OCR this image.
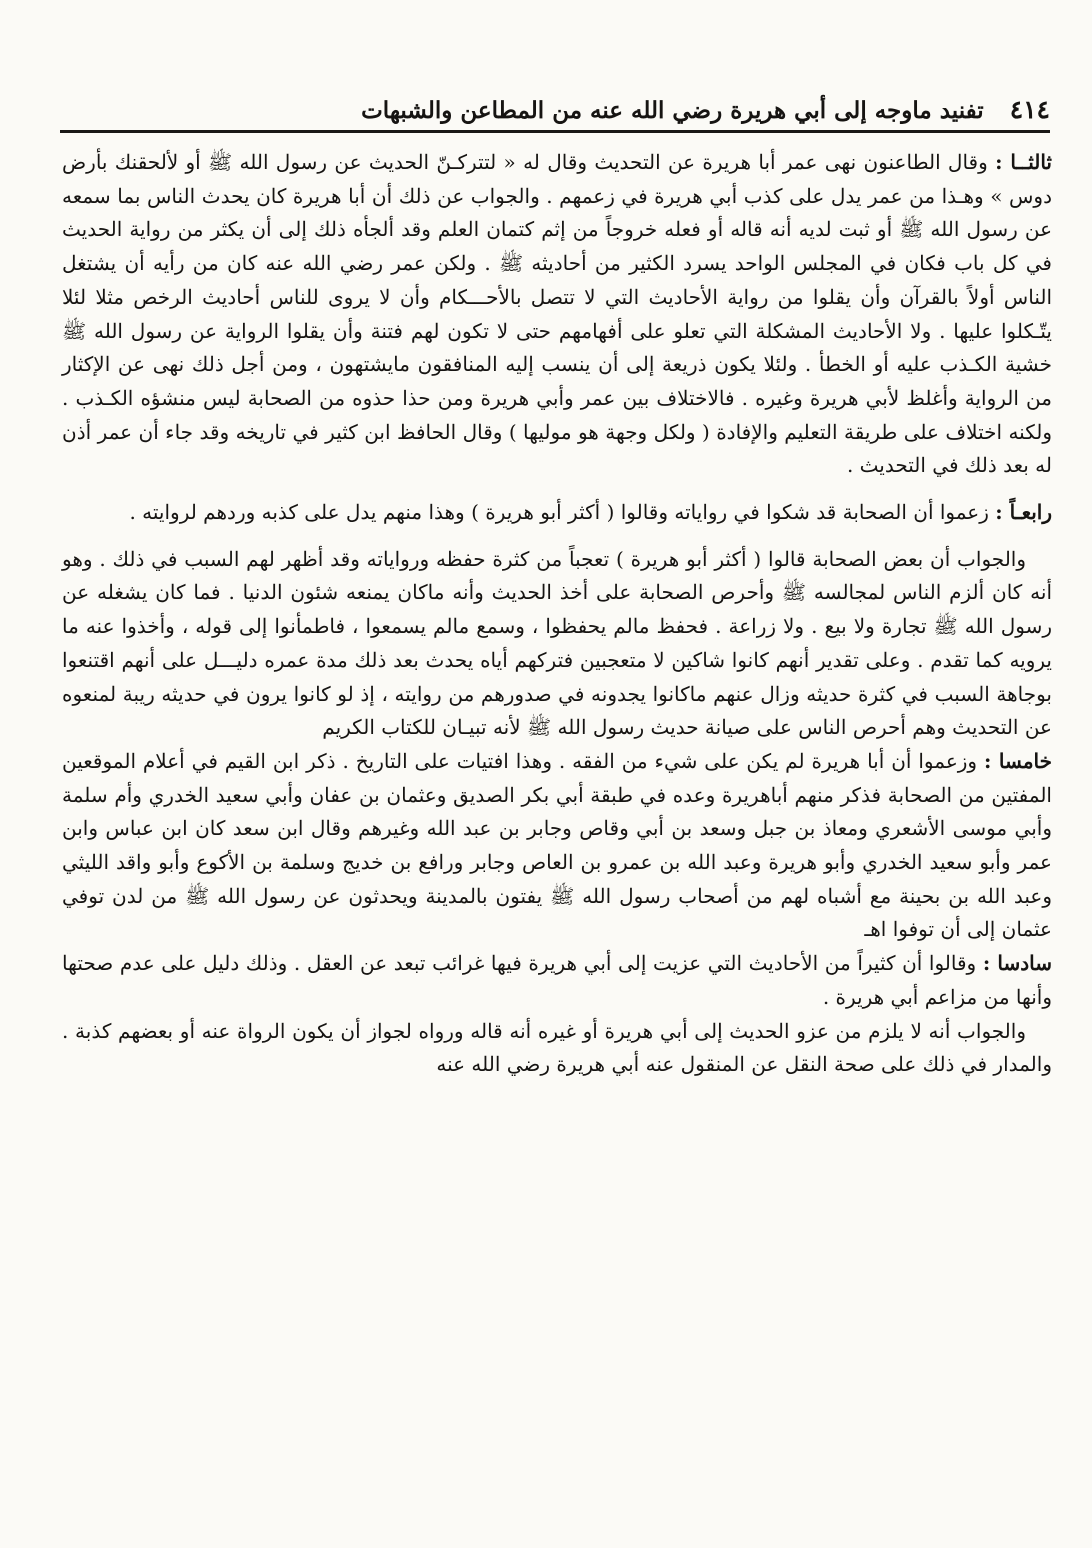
٤١٤
تفنيد ماوجه إلى أبي هريرة رضي الله عنه من المطاعن والشبهات

ثالثــا : وقال الطاعنون نهى عمر أبا هريرة عن التحديث وقال له « لتتركـنّ الحديث عن رسول الله ﷺ أو لألحقنك بأرض دوس » وهـذا من عمر يدل على كذب أبي هريرة في زعمهم . والجواب عن ذلك أن أبا هريرة كان يحدث الناس بما سمعه عن رسول الله ﷺ أو ثبت لديه أنه قاله أو فعله خروجاً من إثم كتمان العلم وقد ألجأه ذلك إلى أن يكثر من رواية الحديث في كل باب فكان في المجلس الواحد يسرد الكثير من أحاديثه ﷺ . ولكن عمر رضي الله عنه كان من رأيه أن يشتغل الناس أولاً بالقرآن وأن يقلوا من رواية الأحاديث التي لا تتصل بالأحـــكام وأن لا يروى للناس أحاديث الرخص مثلا لئلا يتّـكلوا عليها . ولا الأحاديث المشكلة التي تعلو على أفهامهم حتى لا تكون لهم فتنة وأن يقلوا الرواية عن رسول الله ﷺ خشية الكـذب عليه أو الخطأ . ولئلا يكون ذريعة إلى أن ينسب إليه المنافقون مايشتهون ، ومن أجل ذلك نهى عن الإكثار من الرواية وأغلظ لأبي هريرة وغيره . فالاختلاف بين عمر وأبي هريرة ومن حذا حذوه من الصحابة ليس منشؤه الكـذب . ولكنه اختلاف على طريقة التعليم والإفادة ( ولكل وجهة هو موليها ) وقال الحافظ ابن كثير في تاريخه وقد جاء أن عمر أذن له بعد ذلك في التحديث .

رابعـاً : زعموا أن الصحابة قد شكوا في رواياته وقالوا ( أكثر أبو هريرة ) وهذا منهم يدل على كذبه وردهم لروايته .

والجواب أن بعض الصحابة قالوا ( أكثر أبو هريرة ) تعجباً من كثرة حفظه ورواياته وقد أظهر لهم السبب في ذلك . وهو أنه كان ألزم الناس لمجالسه ﷺ وأحرص الصحابة على أخذ الحديث وأنه ماكان يمنعه شئون الدنيا . فما كان يشغله عن رسول الله ﷺ تجارة ولا بيع . ولا زراعة . فحفظ مالم يحفظوا ، وسمع مالم يسمعوا ، فاطمأنوا إلى قوله ، وأخذوا عنه ما يرويه كما تقدم . وعلى تقدير أنهم كانوا شاكين لا متعجبين فتركهم أياه يحدث بعد ذلك مدة عمره دليـــل على أنهم اقتنعوا بوجاهة السبب في كثرة حديثه وزال عنهم ماكانوا يجدونه في صدورهم من روايته ، إذ لو كانوا يرون في حديثه ريبة لمنعوه عن التحديث وهم أحرص الناس على صيانة حديث رسول الله ﷺ لأنه تبيـان للكتاب الكريم

خامسا : وزعموا أن أبا هريرة لم يكن على شيء من الفقه . وهذا افتيات على التاريخ . ذكر ابن القيم في أعلام الموقعين المفتين من الصحابة فذكر منهم أباهريرة وعده في طبقة أبي بكر الصديق وعثمان بن عفان وأبي سعيد الخدري وأم سلمة وأبي موسى الأشعري ومعاذ بن جبل وسعد بن أبي وقاص وجابر بن عبد الله وغيرهم وقال ابن سعد كان ابن عباس وابن عمر وأبو سعيد الخدري وأبو هريرة وعبد الله بن عمرو بن العاص وجابر ورافع بن خديج وسلمة بن الأكوع وأبو واقد الليثي وعبد الله بن بحينة مع أشباه لهم من أصحاب رسول الله ﷺ يفتون بالمدينة ويحدثون عن رسول الله ﷺ من لدن توفي عثمان إلى أن توفوا اهـ

سادسا : وقالوا أن كثيراً من الأحاديث التي عزيت إلى أبي هريرة فيها غرائب تبعد عن العقل . وذلك دليل على عدم صحتها وأنها من مزاعم أبي هريرة .

والجواب أنه لا يلزم من عزو الحديث إلى أبي هريرة أو غيره أنه قاله ورواه لجواز أن يكون الرواة عنه أو بعضهم كذبة . والمدار في ذلك على صحة النقل عن المنقول عنه أبي هريرة رضي الله عنه
